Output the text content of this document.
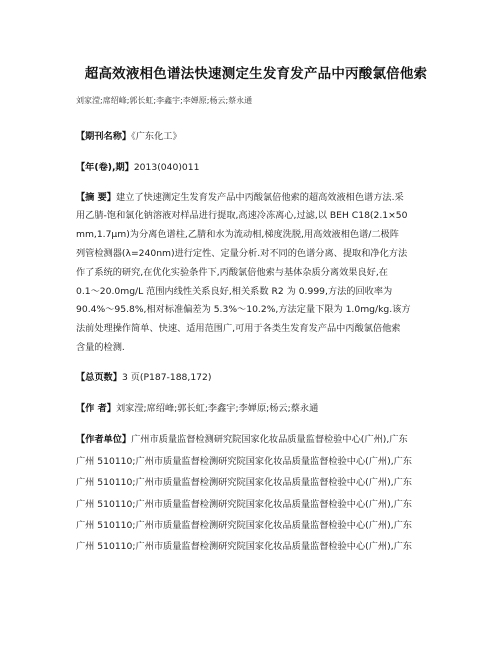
超高效液相色谱法快速测定生发育发产品中丙酸氯倍他索
刘家滢;席绍峰;郭长虹;李鑫宇;李婵原;杨云;蔡永通
【期刊名称】《广东化工》
【年(卷),期】2013(040)011
【摘 要】建立了快速测定生发育发产品中丙酸氯倍他索的超高效液相色谱方法.采
用乙腈-饱和氯化钠溶液对样品进行提取,高速冷冻离心,过滤,以 BEH C18(2.1×50
mm,1.7μm)为分离色谱柱,乙腈和水为流动相,梯度洗脱,用高效液相色谱/二极阵
列管检测器(λ=240nm)进行定性、定量分析.对不同的色谱分离、提取和净化方法
作了系统的研究,在优化实验条件下,丙酸氯倍他索与基体杂质分离效果良好,在
0.1～20.0mg/L 范围内线性关系良好,相关系数 R2 为 0.999,方法的回收率为
90.4%～95.8%,相对标准偏差为 5.3%～10.2%,方法定量下限为 1.0mg/kg.该方
法前处理操作简单、快速、适用范围广,可用于各类生发育发产品中丙酸氯倍他索
含量的检测.
【总页数】3 页(P187-188,172)
【作 者】刘家滢;席绍峰;郭长虹;李鑫宇;李婵原;杨云;蔡永通
【作者单位】广州市质量监督检测研究院国家化妆品质量监督检验中心(广州),广东
广州 510110;广州市质量监督检测研究院国家化妆品质量监督检验中心(广州),广东
广州 510110;广州市质量监督检测研究院国家化妆品质量监督检验中心(广州),广东
广州 510110;广州市质量监督检测研究院国家化妆品质量监督检验中心(广州),广东
广州 510110;广州市质量监督检测研究院国家化妆品质量监督检验中心(广州),广东
广州 510110;广州市质量监督检测研究院国家化妆品质量监督检验中心(广州),广东
